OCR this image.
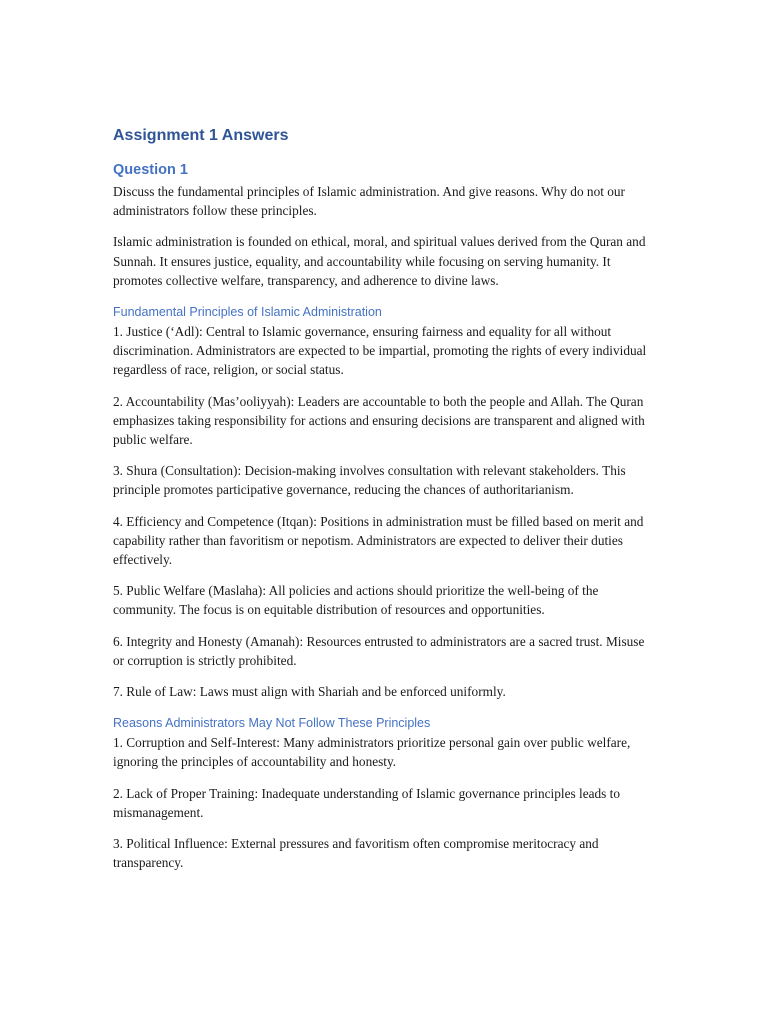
Assignment 1 Answers
Question 1

Discuss the fundamental principles of Islamic administration. And give reasons. Why do not our administrators follow these principles.

Islamic administration is founded on ethical, moral, and spiritual values derived from the Quran and Sunnah. It ensures justice, equality, and accountability while focusing on serving humanity. It promotes collective welfare, transparency, and adherence to divine laws.

Fundamental Principles of Islamic Administration

1. Justice (‘Adl): Central to Islamic governance, ensuring fairness and equality for all without discrimination. Administrators are expected to be impartial, promoting the rights of every individual regardless of race, religion, or social status.

2. Accountability (Mas’ooliyyah): Leaders are accountable to both the people and Allah. The Quran emphasizes taking responsibility for actions and ensuring decisions are transparent and aligned with public welfare.

3. Shura (Consultation): Decision-making involves consultation with relevant stakeholders. This principle promotes participative governance, reducing the chances of authoritarianism.

4. Efficiency and Competence (Itqan): Positions in administration must be filled based on merit and capability rather than favoritism or nepotism. Administrators are expected to deliver their duties effectively.

5. Public Welfare (Maslaha): All policies and actions should prioritize the well-being of the community. The focus is on equitable distribution of resources and opportunities.

6. Integrity and Honesty (Amanah): Resources entrusted to administrators are a sacred trust. Misuse or corruption is strictly prohibited.

7. Rule of Law: Laws must align with Shariah and be enforced uniformly.

Reasons Administrators May Not Follow These Principles

1. Corruption and Self-Interest: Many administrators prioritize personal gain over public welfare, ignoring the principles of accountability and honesty.

2. Lack of Proper Training: Inadequate understanding of Islamic governance principles leads to mismanagement.

3. Political Influence: External pressures and favoritism often compromise meritocracy and transparency.
